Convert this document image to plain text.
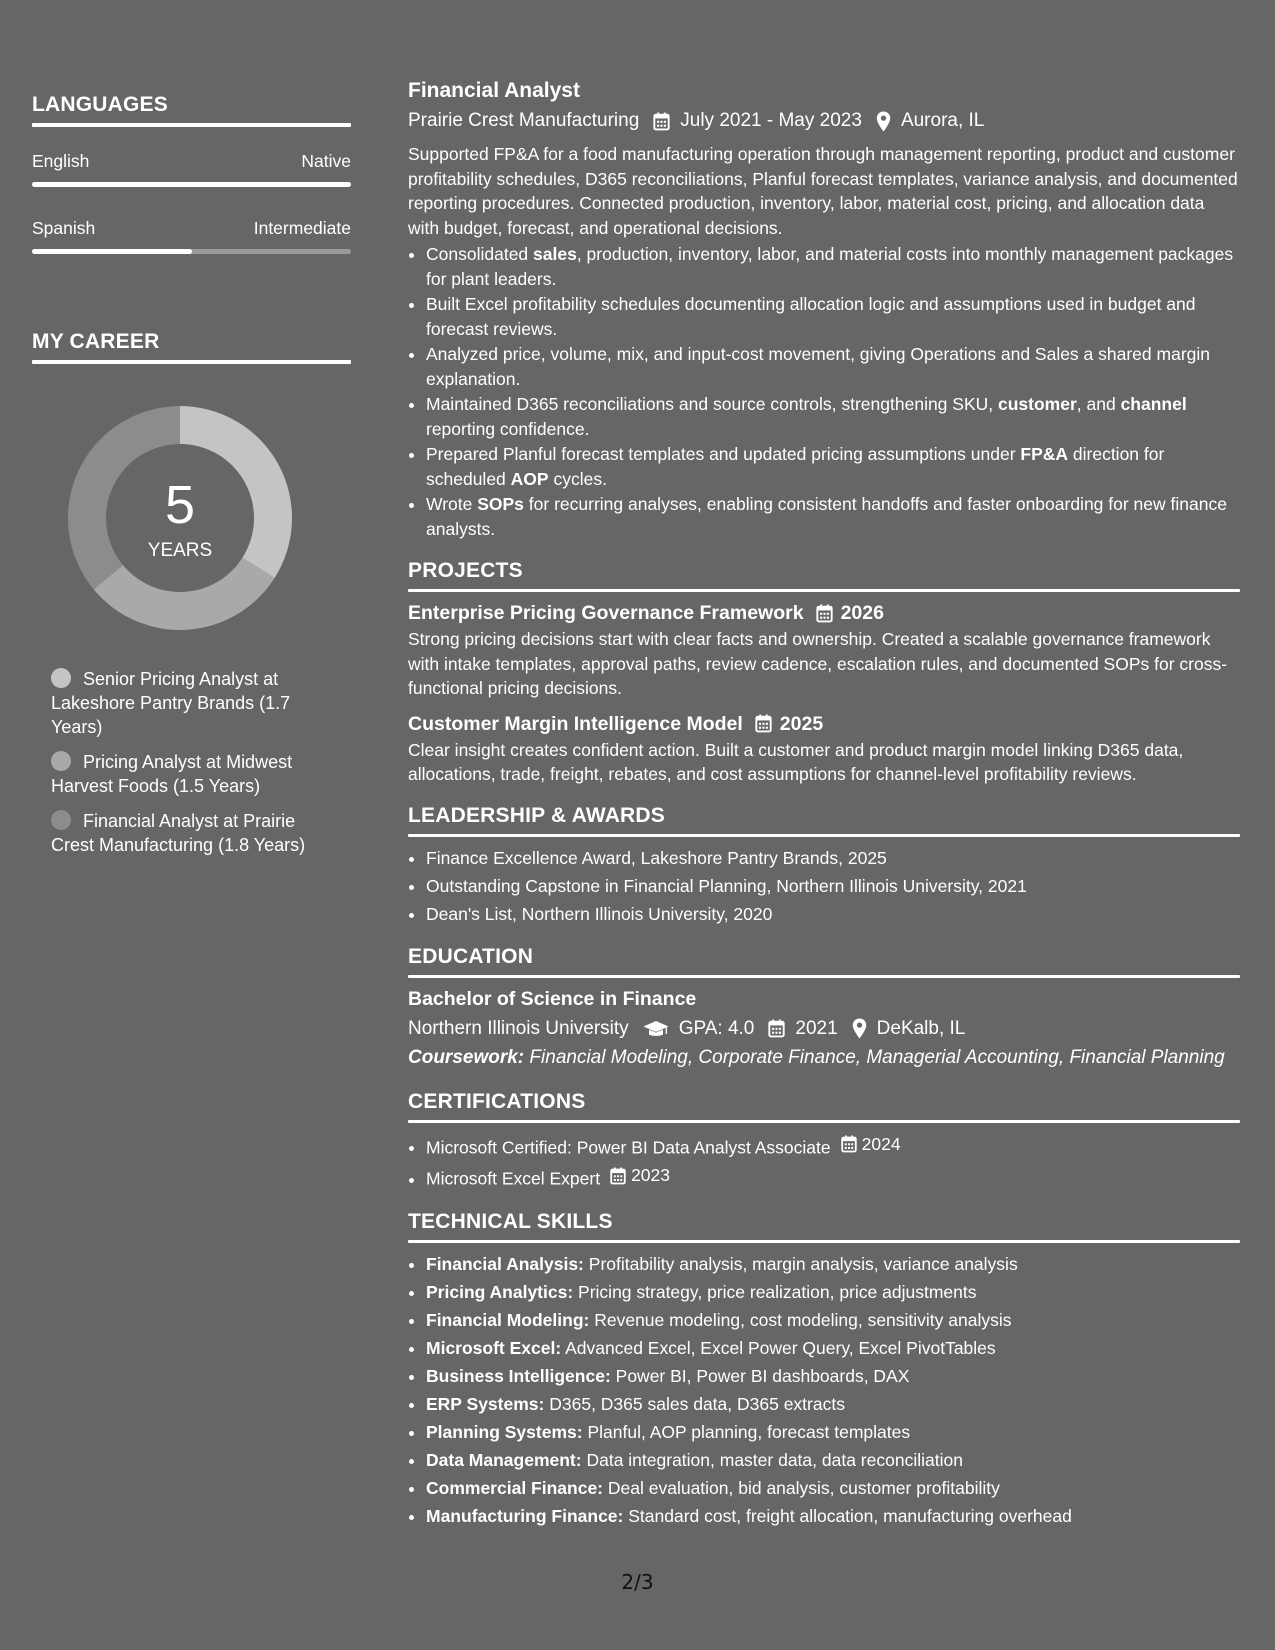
LANGUAGES
English	Native
Spanish	Intermediate
MY CAREER
5
YEARS
Senior Pricing Analyst at Lakeshore Pantry Brands (1.7 Years)
Pricing Analyst at Midwest Harvest Foods (1.5 Years)
Financial Analyst at Prairie Crest Manufacturing (1.8 Years)
Financial Analyst
Prairie Crest Manufacturing July 2021 - May 2023 Aurora, IL

Supported FP&A for a food manufacturing operation through management reporting, product and customer profitability schedules, D365 reconciliations, Planful forecast templates, variance analysis, and documented reporting procedures. Connected production, inventory, labor, material cost, pricing, and allocation data with budget, forecast, and operational decisions.

• Consolidated sales, production, inventory, labor, and material costs into monthly management packages for plant leaders.
• Built Excel profitability schedules documenting allocation logic and assumptions used in budget and forecast reviews.
• Analyzed price, volume, mix, and input-cost movement, giving Operations and Sales a shared margin explanation.
• Maintained D365 reconciliations and source controls, strengthening SKU, customer, and channel reporting confidence.
• Prepared Planful forecast templates and updated pricing assumptions under FP&A direction for scheduled AOP cycles.
• Wrote SOPs for recurring analyses, enabling consistent handoffs and faster onboarding for new finance analysts.
PROJECTS
Enterprise Pricing Governance Framework 2026

Strong pricing decisions start with clear facts and ownership. Created a scalable governance framework with intake templates, approval paths, review cadence, escalation rules, and documented SOPs for cross-functional pricing decisions.

Customer Margin Intelligence Model 2025

Clear insight creates confident action. Built a customer and product margin model linking D365 data, allocations, trade, freight, rebates, and cost assumptions for channel-level profitability reviews.

LEADERSHIP & AWARDS
• Finance Excellence Award, Lakeshore Pantry Brands, 2025
• Outstanding Capstone in Financial Planning, Northern Illinois University, 2021
• Dean's List, Northern Illinois University, 2020
EDUCATION
Bachelor of Science in Finance
Northern Illinois University	GPA: 4.0 2021 DeKalb, IL
Coursework: Financial Modeling, Corporate Finance, Managerial Accounting, Financial Planning
CERTIFICATIONS
• Microsoft Certified: Power BI Data Analyst Associate 2024
• Microsoft Excel Expert 2023
TECHNICAL SKILLS
• Financial Analysis: Profitability analysis, margin analysis, variance analysis
• Pricing Analytics: Pricing strategy, price realization, price adjustments
• Financial Modeling: Revenue modeling, cost modeling, sensitivity analysis
• Microsoft Excel: Advanced Excel, Excel Power Query, Excel PivotTables
• Business Intelligence: Power BI, Power BI dashboards, DAX
• ERP Systems: D365, D365 sales data, D365 extracts
• Planning Systems: Planful, AOP planning, forecast templates
• Data Management: Data integration, master data, data reconciliation
• Commercial Finance: Deal evaluation, bid analysis, customer profitability
• Manufacturing Finance: Standard cost, freight allocation, manufacturing overhead
2/3
